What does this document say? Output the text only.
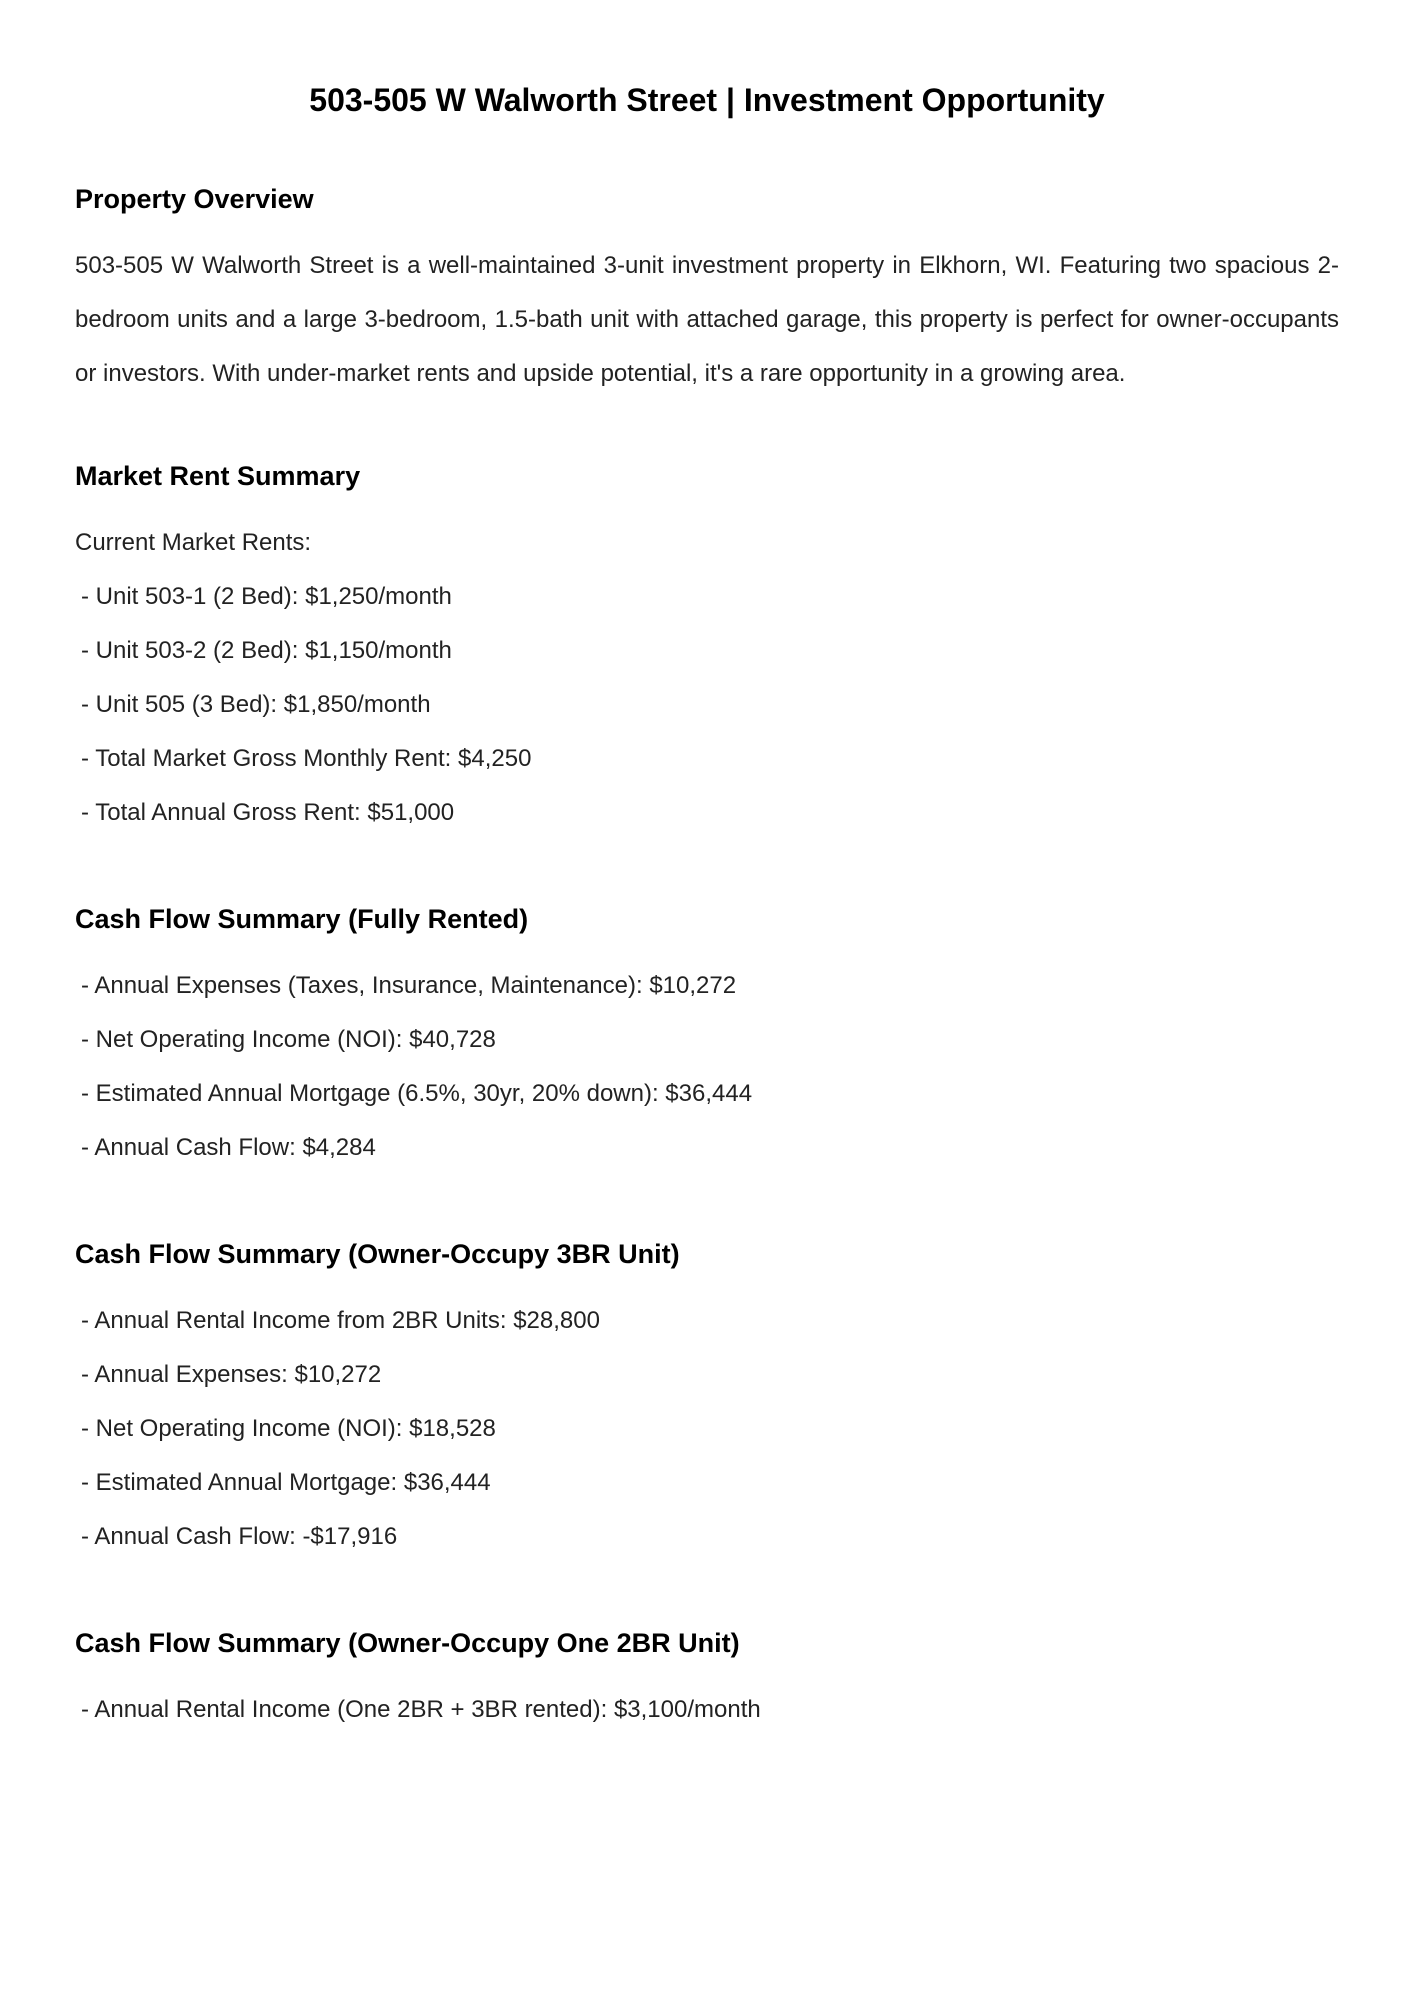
503-505 W Walworth Street | Investment Opportunity
Property Overview

503-505 W Walworth Street is a well-maintained 3-unit investment property in Elkhorn, WI. Featuring two spacious 2-bedroom units and a large 3-bedroom, 1.5-bath unit with attached garage, this property is perfect for owner-occupants or investors. With under-market rents and upside potential, it's a rare opportunity in a growing area.

Market Rent Summary

Current Market Rents:

- Unit 503-1 (2 Bed): $1,250/month

- Unit 503-2 (2 Bed): $1,150/month

- Unit 505 (3 Bed): $1,850/month

- Total Market Gross Monthly Rent: $4,250

- Total Annual Gross Rent: $51,000

Cash Flow Summary (Fully Rented)

- Annual Expenses (Taxes, Insurance, Maintenance): $10,272

- Net Operating Income (NOI): $40,728

- Estimated Annual Mortgage (6.5%, 30yr, 20% down): $36,444

- Annual Cash Flow: $4,284

Cash Flow Summary (Owner-Occupy 3BR Unit)

- Annual Rental Income from 2BR Units: $28,800

- Annual Expenses: $10,272

- Net Operating Income (NOI): $18,528

- Estimated Annual Mortgage: $36,444

- Annual Cash Flow: -$17,916

Cash Flow Summary (Owner-Occupy One 2BR Unit)

- Annual Rental Income (One 2BR + 3BR rented): $3,100/month
